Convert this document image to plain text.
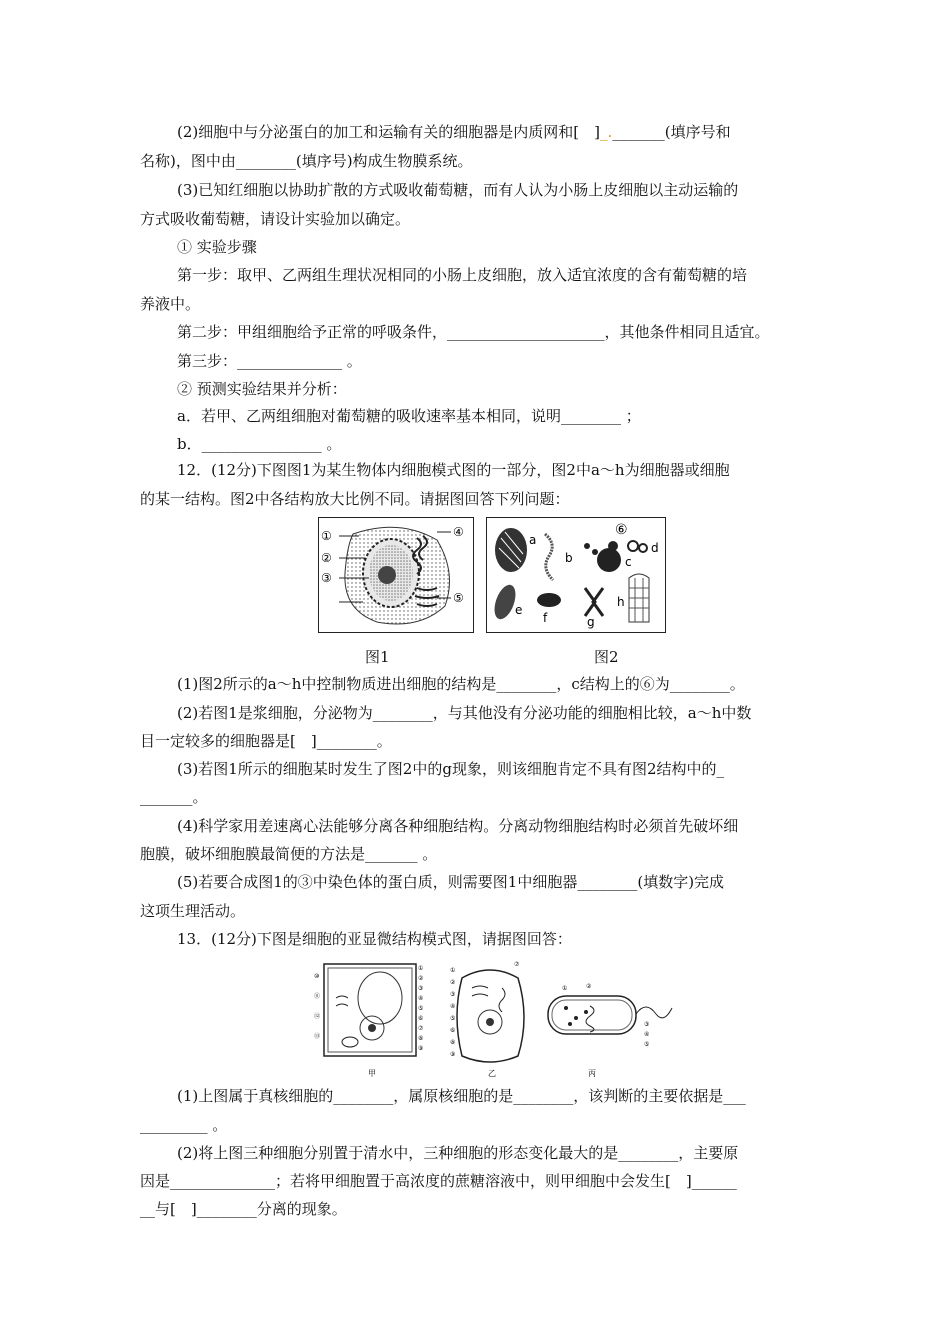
(2)细胞中与分泌蛋白的加工和运输有关的细胞器是内质网和[　]_._______(填序号和
名称)，图中由________(填序号)构成生物膜系统。
(3)已知红细胞以协助扩散的方式吸收葡萄糖，而有人认为小肠上皮细胞以主动运输的
方式吸收葡萄糖，请设计实验加以确定。
① 实验步骤
第一步：取甲、乙两组生理状况相同的小肠上皮细胞，放入适宜浓度的含有葡萄糖的培
养液中。
第二步：甲组细胞给予正常的呼吸条件，_____________________，其他条件相同且适宜。
第三步：______________ 。
② 预测实验结果并分析：
a．若甲、乙两组细胞对葡萄糖的吸收速率基本相同，说明________ ；
b．________________ 。
12．(12分)下图图1为某生物体内细胞模式图的一部分，图2中a～h为细胞器或细胞
的某一结构。图2中各结构放大比例不同。请据图回答下列问题：
①
②
③
④
⑤
图1
a
b	c
d
e
f	g
h
⑥
图2
(1)图2所示的a～h中控制物质进出细胞的结构是________，c结构上的⑥为________。
(2)若图1是浆细胞，分泌物为________，与其他没有分泌功能的细胞相比较，a～h中数
目一定较多的细胞器是[　]________。
(3)若图1所示的细胞某时发生了图2中的g现象，则该细胞肯定不具有图2结构中的_
_______。
(4)科学家用差速离心法能够分离各种细胞结构。分离动物细胞结构时必须首先破坏细
胞膜，破坏细胞膜最简便的方法是_______ 。
(5)若要合成图1的③中染色体的蛋白质，则需要图1中细胞器________(填数字)完成
这项生理活动。
13．(12分)下图是细胞的亚显微结构模式图，请据图回答：
①
②
③
④
⑤
⑥
⑦
⑧
⑨
⑩
⑪
⑫
⑬
甲
①
②
③
④
⑤
⑥
⑦
⑧
⑨
乙
①	②
③
④
⑤
丙
(1)上图属于真核细胞的________，属原核细胞的是________，该判断的主要依据是___
_________ 。
(2)将上图三种细胞分别置于清水中，三种细胞的形态变化最大的是________，主要原
因是______________；若将甲细胞置于高浓度的蔗糖溶液中，则甲细胞中会发生[　]______
__与[　]________分离的现象。
